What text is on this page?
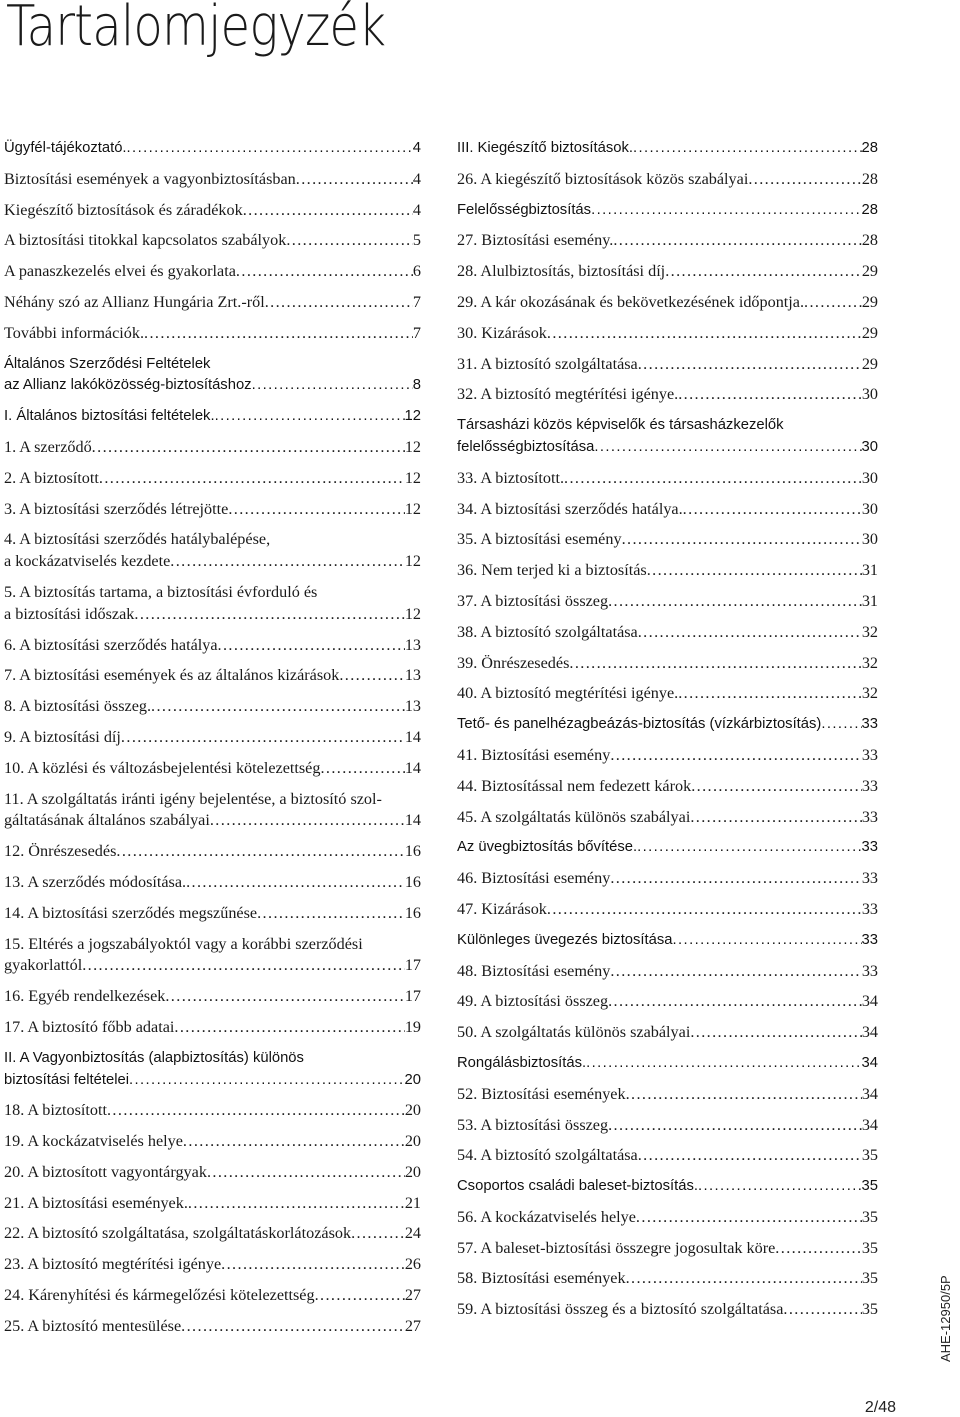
Tartalomjegyzék
Ügyfél-tájékoztató. .....	4
Biztosítási események a vagyonbiztosításban .....	4
Kiegészítő biztosítások és záradékok .....	4
A biztosítási titokkal kapcsolatos szabályok .....	5
A panaszkezelés elvei és gyakorlata .....	6
Néhány szó az Allianz Hungária Zrt.-ről .....	7
További információk. .....	7
Általános Szerződési Feltételek
az Allianz lakóközösség-biztosításhoz .....	8
I. Általános biztosítási feltételek. .....	12
1. A szerződő .....	12
2. A biztosított .....	12
3. A biztosítási szerződés létrejötte .....	12
4. A biztosítási szerződés hatálybalépése,
a kockázatviselés kezdete .....	12
5. A biztosítás tartama, a biztosítási évforduló és
a biztosítási időszak .....	12
6. A biztosítási szerződés hatálya .....	13
7. A biztosítási események és az általános kizárások .....	13
8. A biztosítási összeg. .....	13
9. A biztosítási díj .....	14
10. A közlési és változásbejelentési kötelezettség .....	14
11. A szolgáltatás iránti igény bejelentése, a biztosító szol-
gáltatásának általános szabályai .....	14
12. Önrészesedés .....	16
13. A szerződés módosítása. .....	16
14. A biztosítási szerződés megszűnése .....	16
15. Eltérés a jogszabályoktól vagy a korábbi szerződési
gyakorlattól .....	17
16. Egyéb rendelkezések .....	17
17. A biztosító főbb adatai .....	19
II. A Vagyonbiztosítás (alapbiztosítás) különös
biztosítási feltételei .....	20
18. A biztosított .....	20
19. A kockázatviselés helye .....	20
20. A biztosított vagyontárgyak .....	20
21. A biztosítási események. .....	21
22. A biztosító szolgáltatása, szolgáltatáskorlátozások .....	24
23. A biztosító megtérítési igénye .....	26
24. Kárenyhítési és kármegelőzési kötelezettség .....	27
25. A biztosító mentesülése .....	27
III. Kiegészítő biztosítások. .....	28
26. A kiegészítő biztosítások közös szabályai .....	28
Felelősségbiztosítás .....	28
27. Biztosítási esemény. .....	28
28. Alulbiztosítás, biztosítási díj .....	29
29. A kár okozásának és bekövetkezésének időpontja. .....	29
30. Kizárások .....	29
31. A biztosító szolgáltatása .....	29
32. A biztosító megtérítési igénye. .....	30
Társasházi közös képviselők és társasházkezelők
felelősségbiztosítása .....	30
33. A biztosított. .....	30
34. A biztosítási szerződés hatálya. .....	30
35. A biztosítási esemény .....	30
36. Nem terjed ki a biztosítás .....	31
37. A biztosítási összeg .....	31
38. A biztosító szolgáltatása .....	32
39. Önrészesedés .....	32
40. A biztosító megtérítési igénye. .....	32
Tető- és panelhézagbeázás-biztosítás (vízkárbiztosítás) .....	33
41. Biztosítási esemény .....	33
44. Biztosítással nem fedezett károk .....	33
45. A szolgáltatás különös szabályai .....	33
Az üvegbiztosítás bővítése. .....	33
46. Biztosítási esemény .....	33
47. Kizárások .....	33
Különleges üvegezés biztosítása .....	33
48. Biztosítási esemény .....	33
49. A biztosítási összeg .....	34
50. A szolgáltatás különös szabályai .....	34
Rongálásbiztosítás. .....	34
52. Biztosítási események .....	34
53. A biztosítási összeg .....	34
54. A biztosító szolgáltatása .....	35
Csoportos családi baleset-biztosítás. .....	35
56. A kockázatviselés helye .....	35
57. A baleset-biztosítási összegre jogosultak köre .....	35
58. Biztosítási események .....	35
59. A biztosítási összeg és a biztosító szolgáltatása .....	35	AHE-12950/5P
2/48
